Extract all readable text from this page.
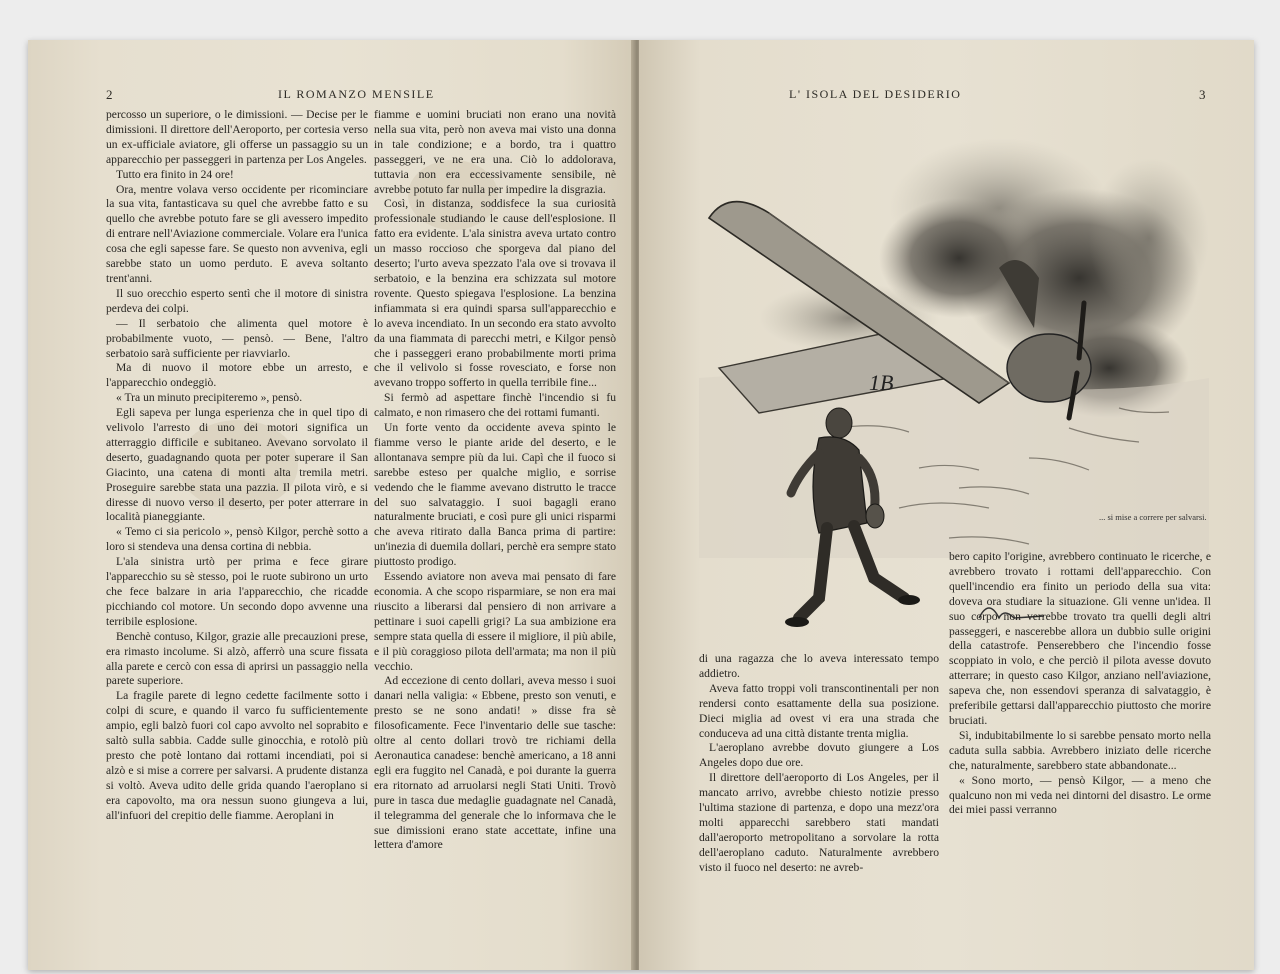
2	IL ROMANZO MENSILE

percosso un superiore, o le dimissioni. — Decise per le dimissioni. Il direttore dell'Aeroporto, per cortesia verso un ex-ufficiale aviatore, gli offerse un passaggio su un apparecchio per passeggeri in partenza per Los Angeles.

Tutto era finito in 24 ore!

Ora, mentre volava verso occidente per ricominciare la sua vita, fantasticava su quel che avrebbe fatto e su quello che avrebbe potuto fare se gli avessero impedito di entrare nell'Aviazione commerciale. Volare era l'unica cosa che egli sapesse fare. Se questo non avveniva, egli sarebbe stato un uomo perduto. E aveva soltanto trent'anni.

Il suo orecchio esperto sentì che il motore di sinistra perdeva dei colpi.

— Il serbatoio che alimenta quel motore è probabilmente vuoto, — pensò. — Bene, l'altro serbatoio sarà sufficiente per riavviarlo.

Ma di nuovo il motore ebbe un arresto, e l'apparecchio ondeggiò.

« Tra un minuto precipiteremo », pensò.

Egli sapeva per lunga esperienza che in quel tipo di velivolo l'arresto di uno dei motori significa un atterraggio difficile e subitaneo. Avevano sorvolato il deserto, guadagnando quota per poter superare il San Giacinto, una catena di monti alta tremila metri. Proseguire sarebbe stata una pazzia. Il pilota virò, e si diresse di nuovo verso il deserto, per poter atterrare in località pianeggiante.

« Temo ci sia pericolo », pensò Kilgor, perchè sotto a loro si stendeva una densa cortina di nebbia.

L'ala sinistra urtò per prima e fece girare l'apparecchio su sè stesso, poi le ruote subirono un urto che fece balzare in aria l'apparecchio, che ricadde picchiando col motore. Un secondo dopo avvenne una terribile esplosione.

Benchè contuso, Kilgor, grazie alle precauzioni prese, era rimasto incolume. Si alzò, afferrò una scure fissata alla parete e cercò con essa di aprirsi un passaggio nella parete superiore.

La fragile parete di legno cedette facilmente sotto i colpi di scure, e quando il varco fu sufficientemente ampio, egli balzò fuori col capo avvolto nel soprabito e saltò sulla sabbia. Cadde sulle ginocchia, e rotolò più presto che potè lontano dai rottami incendiati, poi si alzò e si mise a correre per salvarsi. A prudente distanza si voltò. Aveva udito delle grida quando l'aeroplano si era capovolto, ma ora nessun suono giungeva a lui, all'infuori del crepitio delle fiamme. Aeroplani in

fiamme e uomini bruciati non erano una novità nella sua vita, però non aveva mai visto una donna in tale condizione; e a bordo, tra i quattro passeggeri, ve ne era una. Ciò lo addolorava, tuttavia non era eccessivamente sensibile, nè avrebbe potuto far nulla per impedire la disgrazia.

Così, in distanza, soddisfece la sua curiosità professionale studiando le cause dell'esplosione. Il fatto era evidente. L'ala sinistra aveva urtato contro un masso roccioso che sporgeva dal piano del deserto; l'urto aveva spezzato l'ala ove si trovava il serbatoio, e la benzina era schizzata sul motore rovente. Questo spiegava l'esplosione. La benzina infiammata si era quindi sparsa sull'apparecchio e lo aveva incendiato. In un secondo era stato avvolto da una fiammata di parecchi metri, e Kilgor pensò che i passeggeri erano probabilmente morti prima che il velivolo si fosse rovesciato, e forse non avevano troppo sofferto in quella terribile fine...

Si fermò ad aspettare finchè l'incendio si fu calmato, e non rimasero che dei rottami fumanti.

Un forte vento da occidente aveva spinto le fiamme verso le piante aride del deserto, e le allontanava sempre più da lui. Capì che il fuoco si sarebbe esteso per qualche miglio, e sorrise vedendo che le fiamme avevano distrutto le tracce del suo salvataggio. I suoi bagagli erano naturalmente bruciati, e così pure gli unici risparmi che aveva ritirato dalla Banca prima di partire: un'inezia di duemila dollari, perchè era sempre stato piuttosto prodigo.

Essendo aviatore non aveva mai pensato di fare economia. A che scopo risparmiare, se non era mai riuscito a liberarsi dal pensiero di non arrivare a pettinare i suoi capelli grigi? La sua ambizione era sempre stata quella di essere il migliore, il più abile, e il più coraggioso pilota dell'armata; ma non il più vecchio.

Ad eccezione di cento dollari, aveva messo i suoi danari nella valigia: « Ebbene, presto son venuti, e presto se ne sono andati! » disse fra sè filosoficamente. Fece l'inventario delle sue tasche: oltre al cento dollari trovò tre richiami della Aeronautica canadese: benchè americano, a 18 anni egli era fuggito nel Canadà, e poi durante la guerra era ritornato ad arruolarsi negli Stati Uniti. Trovò pure in tasca due medaglie guadagnate nel Canadà, il telegramma del generale che lo informava che le sue dimissioni erano state accettate, infine una lettera d'amore

L' ISOLA DEL DESIDERIO	3
1B
... si mise a correre per salvarsi.

di una ragazza che lo aveva interessato tempo addietro.

Aveva fatto troppi voli transcontinentali per non rendersi conto esattamente della sua posizione. Dieci miglia ad ovest vi era una strada che conduceva ad una città distante trenta miglia.

L'aeroplano avrebbe dovuto giungere a Los Angeles dopo due ore.

Il direttore dell'aeroporto di Los Angeles, per il mancato arrivo, avrebbe chiesto notizie presso l'ultima stazione di partenza, e dopo una mezz'ora molti apparecchi sarebbero stati mandati dall'aeroporto metropolitano a sorvolare la rotta dell'aeroplano caduto. Naturalmente avrebbero visto il fuoco nel deserto: ne avreb-

bero capito l'origine, avrebbero continuato le ricerche, e avrebbero trovato i rottami dell'apparecchio. Con quell'incendio era finito un periodo della sua vita: doveva ora studiare la situazione. Gli venne un'idea. Il suo corpo non verrebbe trovato tra quelli degli altri passeggeri, e nascerebbe allora un dubbio sulle origini della catastrofe. Penserebbero che l'incendio fosse scoppiato in volo, e che perciò il pilota avesse dovuto atterrare; in questo caso Kilgor, anziano nell'aviazione, sapeva che, non essendovi speranza di salvataggio, è preferibile gettarsi dall'apparecchio piuttosto che morire bruciati.

Sì, indubitabilmente lo si sarebbe pensato morto nella caduta sulla sabbia. Avrebbero iniziato delle ricerche che, naturalmente, sarebbero state abbandonate...

« Sono morto, — pensò Kilgor, — a meno che qualcuno non mi veda nei dintorni del disastro. Le orme dei miei passi verranno
